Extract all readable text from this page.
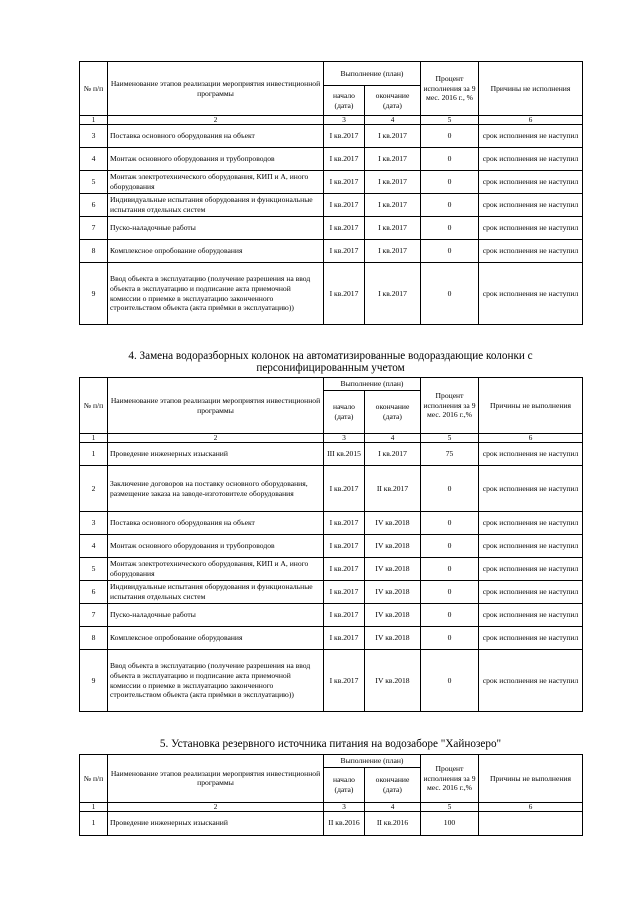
№ п/п	Наименование этапов реализации мероприятия инвестиционной программы	Выполнение (план)		Процент исполнения за 9 мес. 2016 г., %	Причины не исполнения
		начало (дата)	окончание (дата)		
1	2	3	4	5	6
3	Поставка основного оборудования на объект	I кв.2017	I кв.2017	0	срок исполнения не наступил
4	Монтаж основного оборудования и трубопроводов	I кв.2017	I кв.2017	0	срок исполнения не наступил
5	Монтаж электротехнического оборудования, КИП и А, иного оборудования	I кв.2017	I кв.2017	0	срок исполнения не наступил
6	Индивидуальные испытания оборудования и функциональные испытания отдельных систем	I кв.2017	I кв.2017	0	срок исполнения не наступил
7	Пуско-наладочные работы	I кв.2017	I кв.2017	0	срок исполнения не наступил
8	Комплексное опробование оборудования	I кв.2017	I кв.2017	0	срок исполнения не наступил
9	Ввод объекта в эксплуатацию (получение разрешения на ввод объекта в эксплуатацию и подписание акта приемочной комиссии о приемке в эксплуатацию законченного строительством объекта (акта приёмки в эксплуатацию))	I кв.2017	I кв.2017	0	срок исполнения не наступил
4. Замена водоразборных колонок на автоматизированные водораздающие колонки с персонифицированным учетом
№ п/п	Наименование этапов реализации мероприятия инвестиционной программы	Выполнение (план)		Процент исполнения за 9 мес. 2016 г.,%	Причины не выполнения
		начало (дата)	окончание (дата)		
1	2	3	4	5	6
1	Проведение инженерных изысканий	III кв.2015	I кв.2017	75	срок исполнения не наступил
2	Заключение договоров на поставку основного оборудования, размещение заказа на заводе-изготовителе оборудования	I кв.2017	II кв.2017	0	срок исполнения не наступил
3	Поставка основного оборудования на объект	I кв.2017	IV кв.2018	0	срок исполнения не наступил
4	Монтаж основного оборудования и трубопроводов	I кв.2017	IV кв.2018	0	срок исполнения не наступил
5	Монтаж электротехнического оборудования, КИП и А, иного оборудования	I кв.2017	IV кв.2018	0	срок исполнения не наступил
6	Индивидуальные испытания оборудования и функциональные испытания отдельных систем	I кв.2017	IV кв.2018	0	срок исполнения не наступил
7	Пуско-наладочные работы	I кв.2017	IV кв.2018	0	срок исполнения не наступил
8	Комплексное опробование оборудования	I кв.2017	IV кв.2018	0	срок исполнения не наступил
9	Ввод объекта в эксплуатацию (получение разрешения на ввод объекта в эксплуатацию и подписание акта приемочной комиссии о приемке в эксплуатацию законченного строительством объекта (акта приёмки в эксплуатацию))	I кв.2017	IV кв.2018	0	срок исполнения не наступил
5. Установка резервного источника питания на водозаборе "Хайнозеро"
№ п/п	Наименование этапов реализации мероприятия инвестиционной программы	Выполнение (план)		Процент исполнения за 9 мес. 2016 г.,%	Причины не выполнения
		начало (дата)	окончание (дата)		
1	2	3	4	5	6
1	Проведение инженерных изысканий	II кв.2016	II кв.2016	100	
